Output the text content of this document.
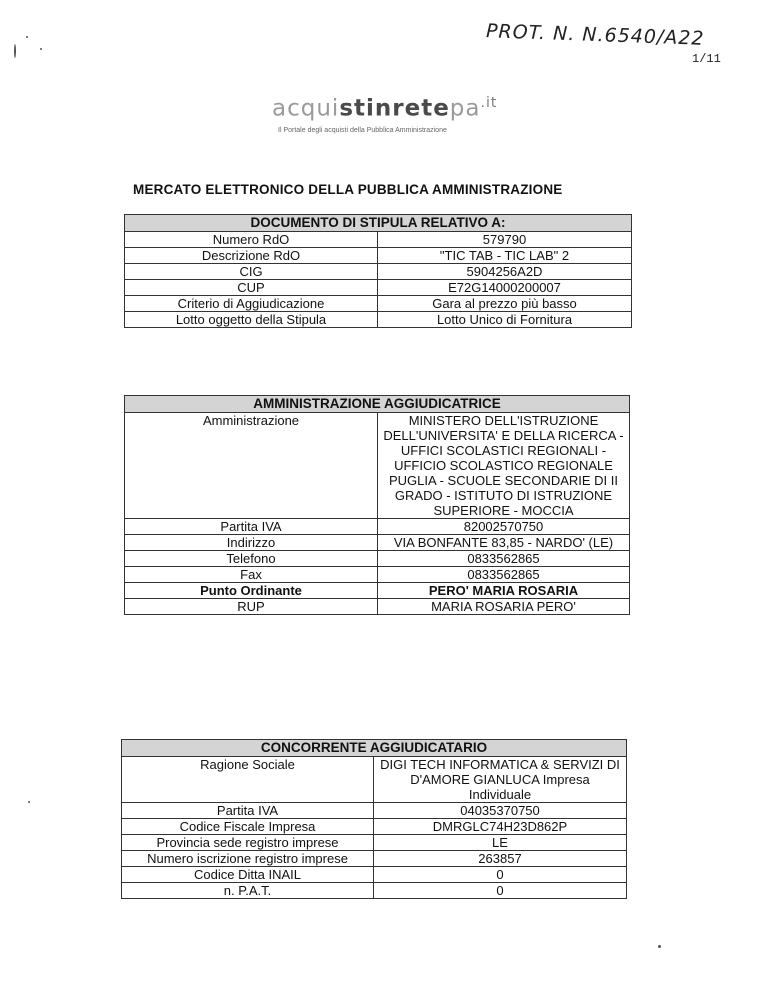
PROT. N. N.6540/A22
1/11
acquistinretepa$^{.it}$
Il Portale degli acquisti della Pubblica Amministrazione
MERCATO ELETTRONICO DELLA PUBBLICA AMMINISTRAZIONE
DOCUMENTO DI STIPULA RELATIVO A:	
Numero RdO	579790
Descrizione RdO	"TIC TAB - TIC LAB" 2
CIG	5904256A2D
CUP	E72G14000200007
Criterio di Aggiudicazione	Gara al prezzo più basso
Lotto oggetto della Stipula	Lotto Unico di Fornitura
AMMINISTRAZIONE AGGIUDICATRICE	
Amministrazione	MINISTERO DELL'ISTRUZIONE DELL'UNIVERSITA' E DELLA RICERCA - UFFICI SCOLASTICI REGIONALI - UFFICIO SCOLASTICO REGIONALE PUGLIA - SCUOLE SECONDARIE DI II GRADO - ISTITUTO DI ISTRUZIONE SUPERIORE - MOCCIA
Partita IVA	82002570750
Indirizzo	VIA BONFANTE 83,85 - NARDO' (LE)
Telefono	0833562865
Fax	0833562865
Punto Ordinante	PERO' MARIA ROSARIA
RUP	MARIA ROSARIA PERO'
CONCORRENTE AGGIUDICATARIO	
Ragione Sociale	DIGI TECH INFORMATICA & SERVIZI DI D'AMORE GIANLUCA Impresa Individuale
Partita IVA	04035370750
Codice Fiscale Impresa	DMRGLC74H23D862P
Provincia sede registro imprese	LE
Numero iscrizione registro imprese	263857
Codice Ditta INAIL	0
n. P.A.T.	0
